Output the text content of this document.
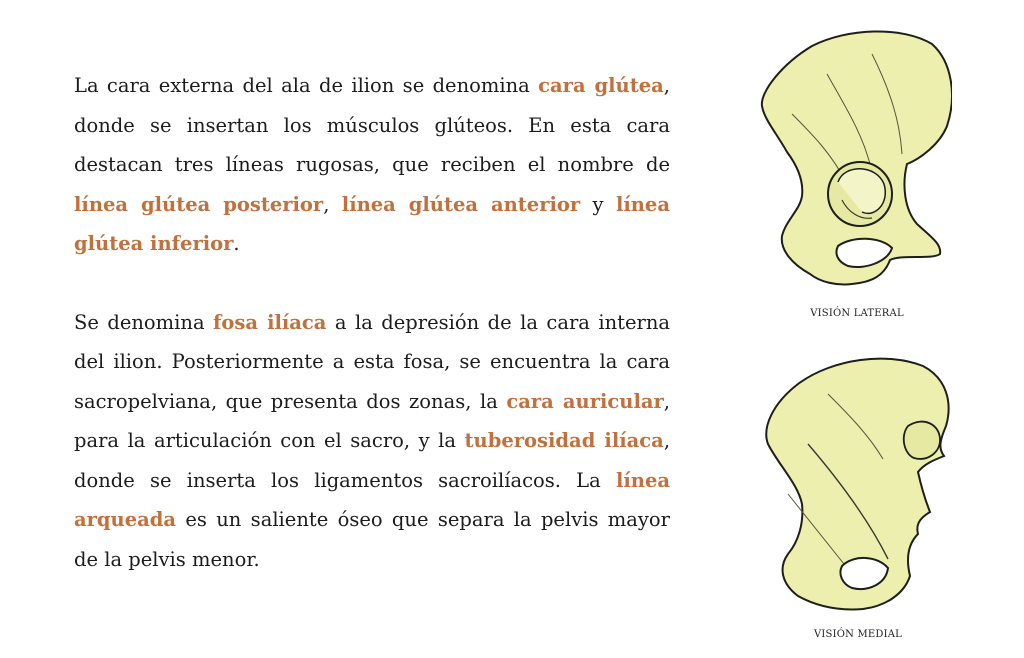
La cara externa del ala de ilion se denomina cara glútea, donde se insertan los músculos glúteos. En esta cara destacan tres líneas rugosas, que reciben el nombre de línea glútea posterior, línea glútea anterior y línea glútea inferior.

Se denomina fosa ilíaca a la depresión de la cara interna del ilion. Posteriormente a esta fosa, se encuentra la cara sacropelviana, que presenta dos zonas, la cara auricular, para la articulación con el sacro, y la tuberosidad ilíaca, donde se inserta los ligamentos sacroilíacos. La línea arqueada es un saliente óseo que separa la pelvis mayor de la pelvis menor.

VISIÓN LATERAL
VISIÓN MEDIAL
